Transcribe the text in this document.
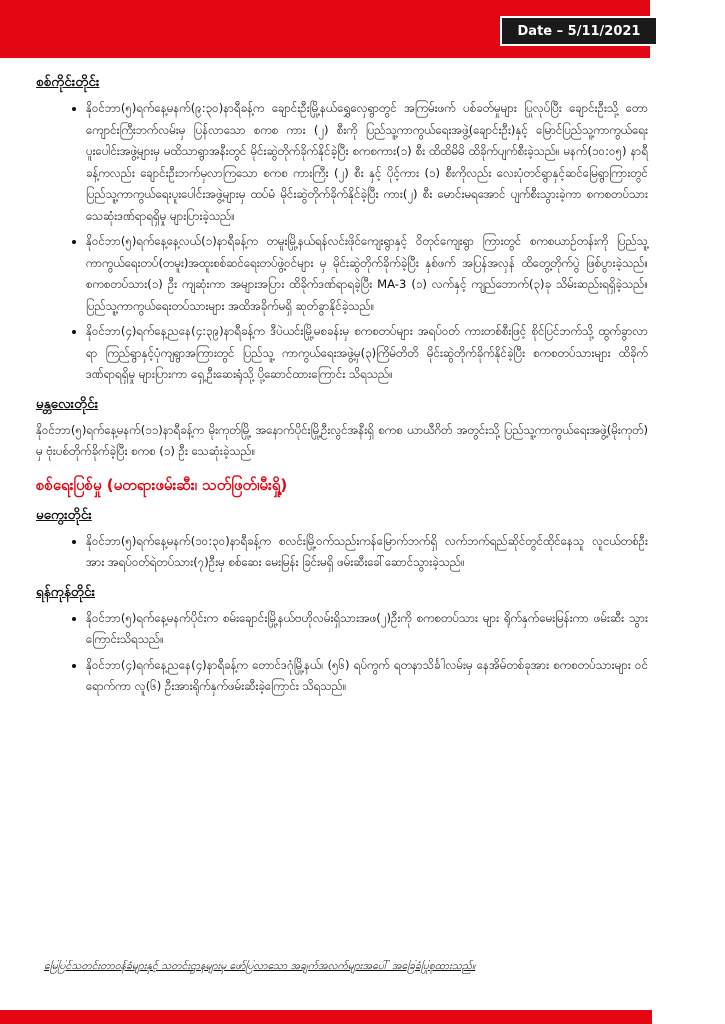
Date – 5/11/2021
စစ်ကိုင်းတိုင်း
• နိုဝင်ဘာ(၅)ရက်နေ့မနက်(၉:၃၀)နာရီခန့်က ချောင်းဦးမြို့နယ်ရွှေလှေရွာတွင် အကြမ်းဖက် ပစ်ခတ်မှုများ ပြုလုပ်ပြီး ချောင်းဦးသို့ တောကျောင်းကြီးဘက်လမ်းမှ ပြန်လာသော စကစ ကား (၂) စီးကို ပြည်သူ့ကာကွယ်ရေးအဖွဲ့(ချောင်းဦး)နှင့် မြောင်ပြည်သူ့ကာကွယ်ရေးပူးပေါင်းအဖွဲ့များမှ မထိသာရွာအနီးတွင် မိုင်းဆွဲတိုက်ခိုက်နိုင်ခဲ့ပြီး စကစကား(၁) စီး ထိထိမိမိ ထိခိုက်ပျက်စီးခဲ့သည်။ မနက်(၁၀:၀၅) နာရီခန့်ကလည်း ချောင်းဦးဘက်မှလာကြသော စကစ ကားကြီး (၂) စီး နှင့် ပိုင့်ကား (၁) စီးကိုလည်း လေးပုံတင်ရွာနှင့်ဆင်မြေရွာကြားတွင် ပြည်သူ့ကာကွယ်ရေးပူးပေါင်းအဖွဲ့များမှ ထပ်မံ မိုင်းဆွဲတိုက်ခိုက်နိုင်ခဲ့ပြီး ကား(၂) စီး မောင်းမရအောင် ပျက်စီးသွားခဲ့ကာ စကစတပ်သား သေဆုံးဒဏ်ရာရရှိမှု များပြားခဲ့သည်။
• နိုဝင်ဘာ(၅)ရက်နေ့နေ့လယ်(၁)နာရီခန့်က တမူးမြို့နယ်ရန်လင်းဖိုင်ကျေးရွာနှင့် ဝိတုင်ကျေးရွာ ကြားတွင် စကစယာဉ်တန်းကို ပြည်သူ့ကာကွယ်ရေးတပ်(တမူး)အထူးစစ်ဆင်ရေးတပ်ဖွဲ့ဝင်များ မှ မိုင်းဆွဲတိုက်ခိုက်ခဲ့ပြီး နှစ်ဖက် အပြန်အလှန် ထိတွေ့တိုက်ပွဲ ဖြစ်ပွားခဲ့သည်။စကစတပ်သား(၁) ဦး ကျဆုံးကာ အများအပြား ထိခိုက်ဒဏ်ရာရခဲ့ပြီး MA-3 (၁) လက်နှင့် ကျည်ဘောက်(၃)ခု သိမ်းဆည်းရရှိခဲ့သည်။ပြည်သူ့ကာကွယ်ရေးတပ်သားများ အထိအခိုက်မရှိ ဆုတ်ခွာနိုင်ခဲ့သည်။
• နိုဝင်ဘာ(၄)ရက်နေ့ညနေ(၄:၃၉)နာရီခန့်က ဒီပဲယင်းမြို့မစခန်းမှ စကစတပ်များ အရပ်ဝတ် ကားတစ်စီးဖြင့် စိုင်ပြင်ဘက်သို့ ထွက်ခွာလာရာ ကြည်ရွာနှင့်ပုံကျရွာအကြားတွင် ပြည်သူ့ ကာကွယ်ရေးအဖွဲ့မှ(၃)ကြိမ်တိတိ မိုင်းဆွဲတိုက်ခိုက်နိုင်ခဲ့ပြီး စကစတပ်သားများ ထိခိုက်ဒဏ်ရာရရှိမှု များပြားကာ ရှေ့ဦးဆေးရုံသို့ ပို့ဆောင်ထားကြောင်း သိရသည်။
မန္တလေးတိုင်း

နိုဝင်ဘာ(၅)ရက်နေ့မနက်(၁၁)နာရီခန့်က မိုးကုတ်မြို့ အနောက်ပိုင်းမြို့ဦးလွင်အနီးရှိ စကစ ယာယီဂိတ် အတွင်းသို့ ပြည်သူ့ကာကွယ်ရေးအဖွဲ့(မိုးကုတ်) မှ ဗုံးပစ်တိုက်ခိုက်ခဲ့ပြီး စကစ (၁) ဦး သေဆုံးခဲ့သည်။

စစ်ရေးပြစ်မှု (မတရားဖမ်းဆီး၊ သတ်ဖြတ်၊မီးရှို့)
မကွေးတိုင်း
• နိုဝင်ဘာ(၅)ရက်နေ့မနက်(၁၀:၃၀)နာရီခန့်က စလင်းမြို့ဝက်သည်းကန်မြောက်ဘက်ရှိ လက်ဘက်ရည်ဆိုင်တွင်ထိုင်နေသူ လူငယ်တစ်ဦးအား အရပ်ဝတ်ရဲတပ်သား(၇)ဦးမှ စစ်ဆေး မေးမြန်း ခြင်းမရှိ ဖမ်းဆီးခေါ်ဆောင်သွားခဲ့သည်။
ရန်ကုန်တိုင်း
• နိုဝင်ဘာ(၅)ရက်နေ့မနက်ပိုင်းက စမ်းချောင်းမြို့နယ်ဗဟိုလမ်းရှိသားအဖ(၂)ဦးကို စကစတပ်သား များ ရိုက်နှက်မေးမြန်းကာ ဖမ်းဆီး သွားကြောင်းသိရသည်။
• နိုဝင်ဘာ(၄)ရက်နေ့ညနေ(၄)နာရီခန့်က တောင်ဒဂုံမြို့နယ်၊ (၅၆) ရပ်ကွက် ရတနာသိင်္ခါလမ်းမှ နေအိမ်တစ်ခုအား စကစတပ်သားများ ဝင်ရောက်ကာ လူ(၆) ဦးအားရိုက်နှက်ဖမ်းဆီးခဲ့ကြောင်း သိရသည်။
မြေပြင်သတင်းတာဝန်ခံများနှင့် သတင်းဌာနများမှ ဖော်ပြလာသော အချက်အလက်များအပေါ် အခြေခံပြုစုထားသည်။
